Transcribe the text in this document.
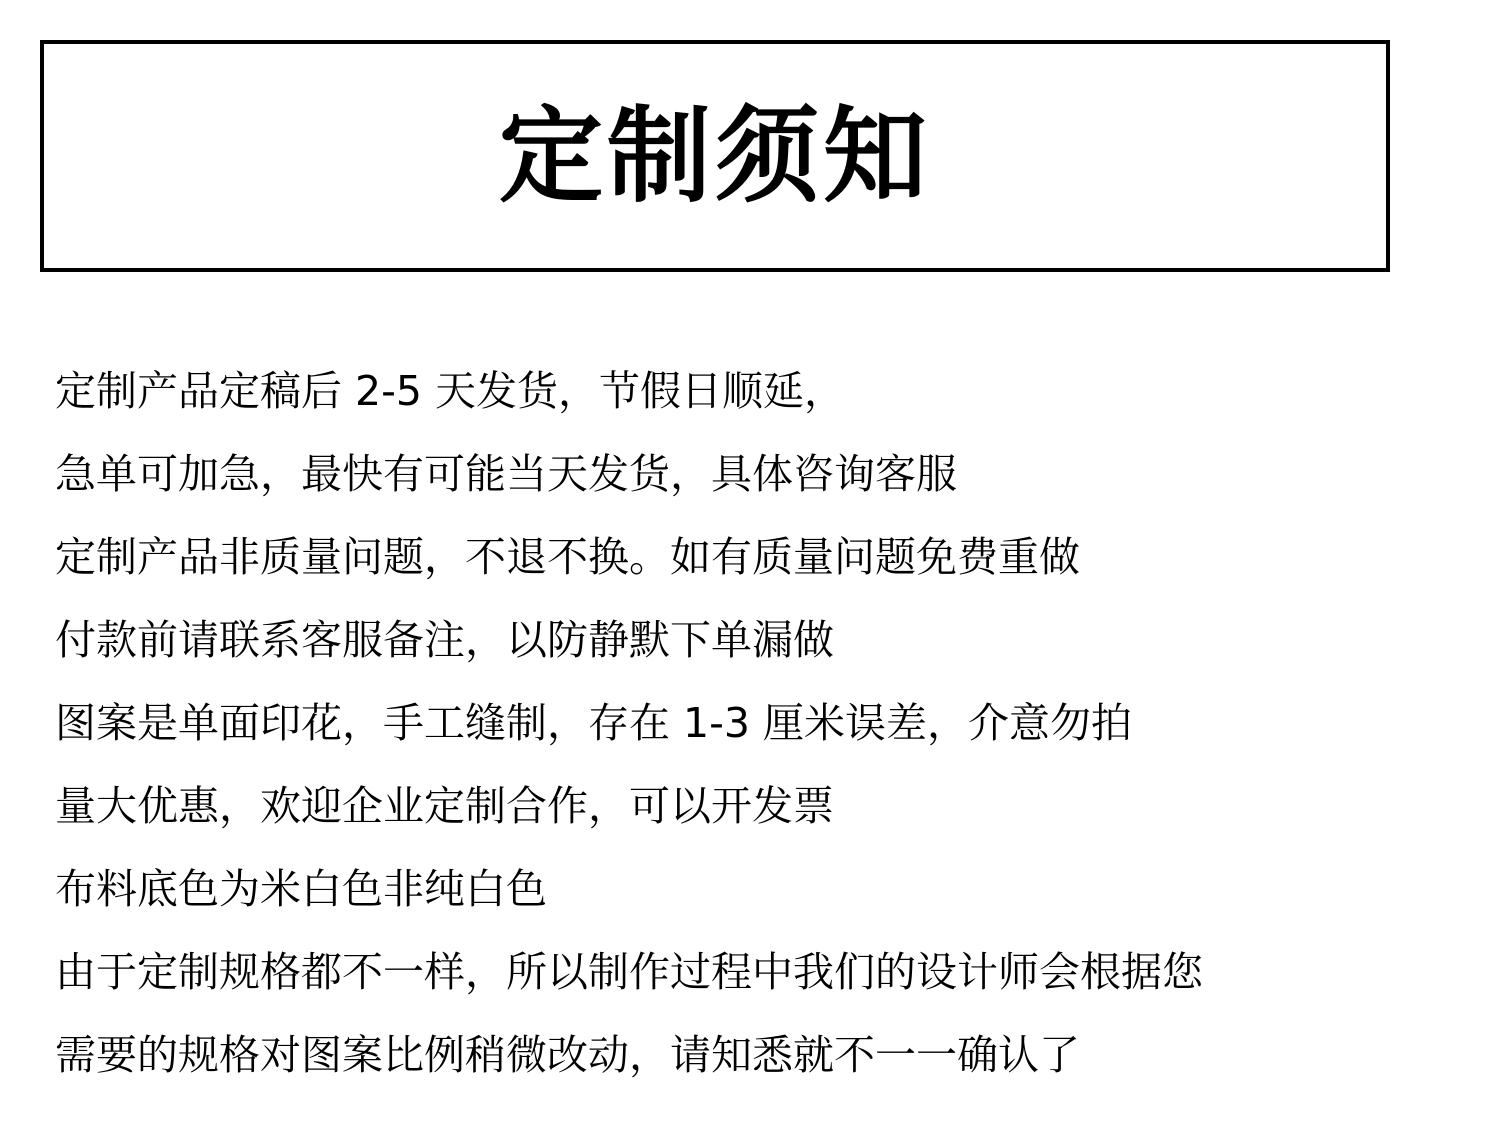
定制须知
定制产品定稿后 2-5 天发货，节假日顺延，
急单可加急，最快有可能当天发货，具体咨询客服
定制产品非质量问题，不退不换。如有质量问题免费重做
付款前请联系客服备注，以防静默下单漏做
图案是单面印花，手工缝制，存在 1-3 厘米误差，介意勿拍
量大优惠，欢迎企业定制合作，可以开发票
布料底色为米白色非纯白色
由于定制规格都不一样，所以制作过程中我们的设计师会根据您
需要的规格对图案比例稍微改动，请知悉就不一一确认了
